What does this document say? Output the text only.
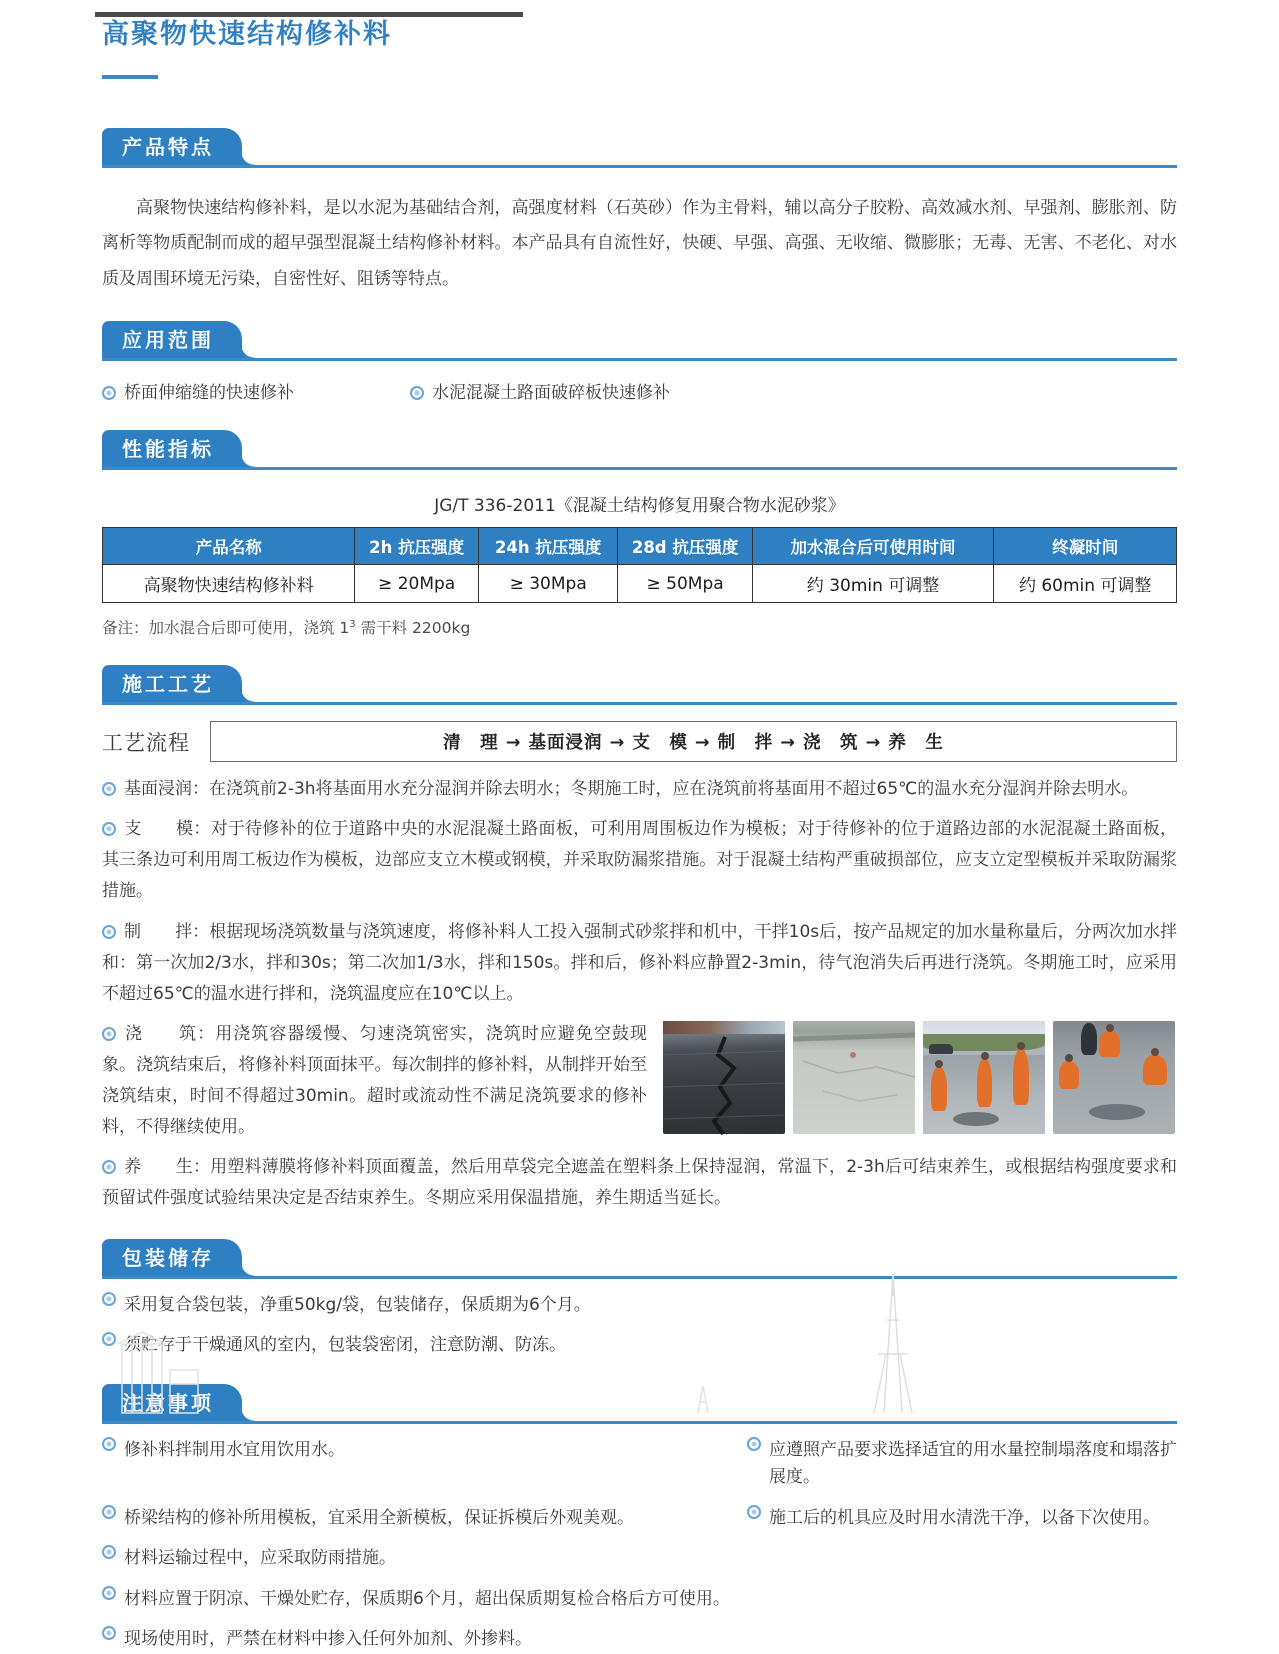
高聚物快速结构修补料
产品特点

高聚物快速结构修补料，是以水泥为基础结合剂，高强度材料（石英砂）作为主骨料，辅以高分子胶粉、高效减水剂、早强剂、膨胀剂、防离析等物质配制而成的超早强型混凝土结构修补材料。本产品具有自流性好，快硬、早强、高强、无收缩、微膨胀；无毒、无害、不老化、对水质及周围环境无污染，自密性好、阻锈等特点。

应用范围
桥面伸缩缝的快速修补	水泥混凝土路面破碎板快速修补
性能指标

JG/T 336-2011《混凝土结构修复用聚合物水泥砂浆》

产品名称	2h 抗压强度	24h 抗压强度	28d 抗压强度	加水混合后可使用时间	终凝时间
高聚物快速结构修补料	≥ 20Mpa	≥ 30Mpa	≥ 50Mpa	约 30min 可调整	约 60min 可调整

备注：加水混合后即可使用，浇筑 $1^3$ 需干料 2200kg

施工工艺
工艺流程	清　理 → 基面浸润 → 支　模 → 制　拌 → 浇　筑 → 养　生

基面浸润：在浇筑前2-3h将基面用水充分湿润并除去明水；冬期施工时，应在浇筑前将基面用不超过65℃的温水充分湿润并除去明水。

支　　模：对于待修补的位于道路中央的水泥混凝土路面板，可利用周围板边作为模板；对于待修补的位于道路边部的水泥混凝土路面板，其三条边可利用周工板边作为模板，边部应支立木模或钢模，并采取防漏浆措施。对于混凝土结构严重破损部位，应支立定型模板并采取防漏浆措施。

制　　拌：根据现场浇筑数量与浇筑速度，将修补料人工投入强制式砂浆拌和机中，干拌10s后，按产品规定的加水量称量后，分两次加水拌和：第一次加2/3水，拌和30s；第二次加1/3水，拌和150s。拌和后，修补料应静置2-3min，待气泡消失后再进行浇筑。冬期施工时，应采用不超过65℃的温水进行拌和，浇筑温度应在10℃以上。

浇　　筑：用浇筑容器缓慢、匀速浇筑密实，浇筑时应避免空鼓现象。浇筑结束后，将修补料顶面抹平。每次制拌的修补料，从制拌开始至浇筑结束，时间不得超过30min。超时或流动性不满足浇筑要求的修补料，不得继续使用。

养　　生：用塑料薄膜将修补料顶面覆盖，然后用草袋完全遮盖在塑料条上保持湿润，常温下，2-3h后可结束养生，或根据结构强度要求和预留试件强度试验结果决定是否结束养生。冬期应采用保温措施，养生期适当延长。

包装储存
采用复合袋包装，净重50kg/袋，包装储存，保质期为6个月。
须贮存于干燥通风的室内，包装袋密闭，注意防潮、防冻。
注意事项
修补料拌制用水宜用饮用水。	应遵照产品要求选择适宜的用水量控制塌落度和塌落扩展度。
桥梁结构的修补所用模板，宜采用全新模板，保证拆模后外观美观。	施工后的机具应及时用水清洗干净，以备下次使用。
材料运输过程中，应采取防雨措施。
材料应置于阴凉、干燥处贮存，保质期6个月，超出保质期复检合格后方可使用。
现场使用时，严禁在材料中掺入任何外加剂、外掺料。
